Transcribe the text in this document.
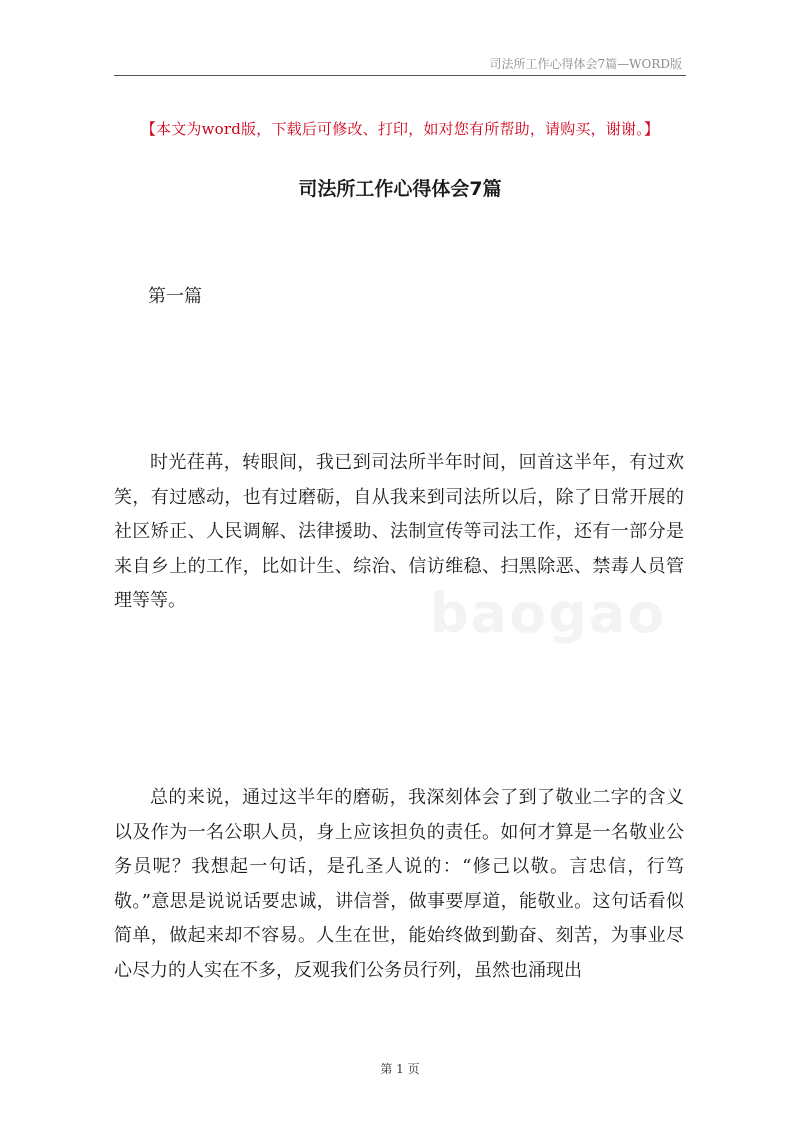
司法所工作心得体会7篇—WORD版
【本文为word版，下载后可修改、打印，如对您有所帮助，请购买，谢谢。】
司法所工作心得体会7篇
第一篇

时光荏苒，转眼间，我已到司法所半年时间，回首这半年，有过欢笑，有过感动，也有过磨砺，自从我来到司法所以后，除了日常开展的社区矫正、人民调解、法律援助、法制宣传等司法工作，还有一部分是来自乡上的工作，比如计生、综治、信访维稳、扫黑除恶、禁毒人员管理等等。

总的来说，通过这半年的磨砺，我深刻体会了到了敬业二字的含义以及作为一名公职人员，身上应该担负的责任。如何才算是一名敬业公务员呢？我想起一句话，是孔圣人说的：“修己以敬。言忠信，行笃敬。”意思是说说话要忠诚，讲信誉，做事要厚道，能敬业。这句话看似简单，做起来却不容易。人生在世，能始终做到勤奋、刻苦，为事业尽心尽力的人实在不多，反观我们公务员行列，虽然也涌现出

第 1 页
